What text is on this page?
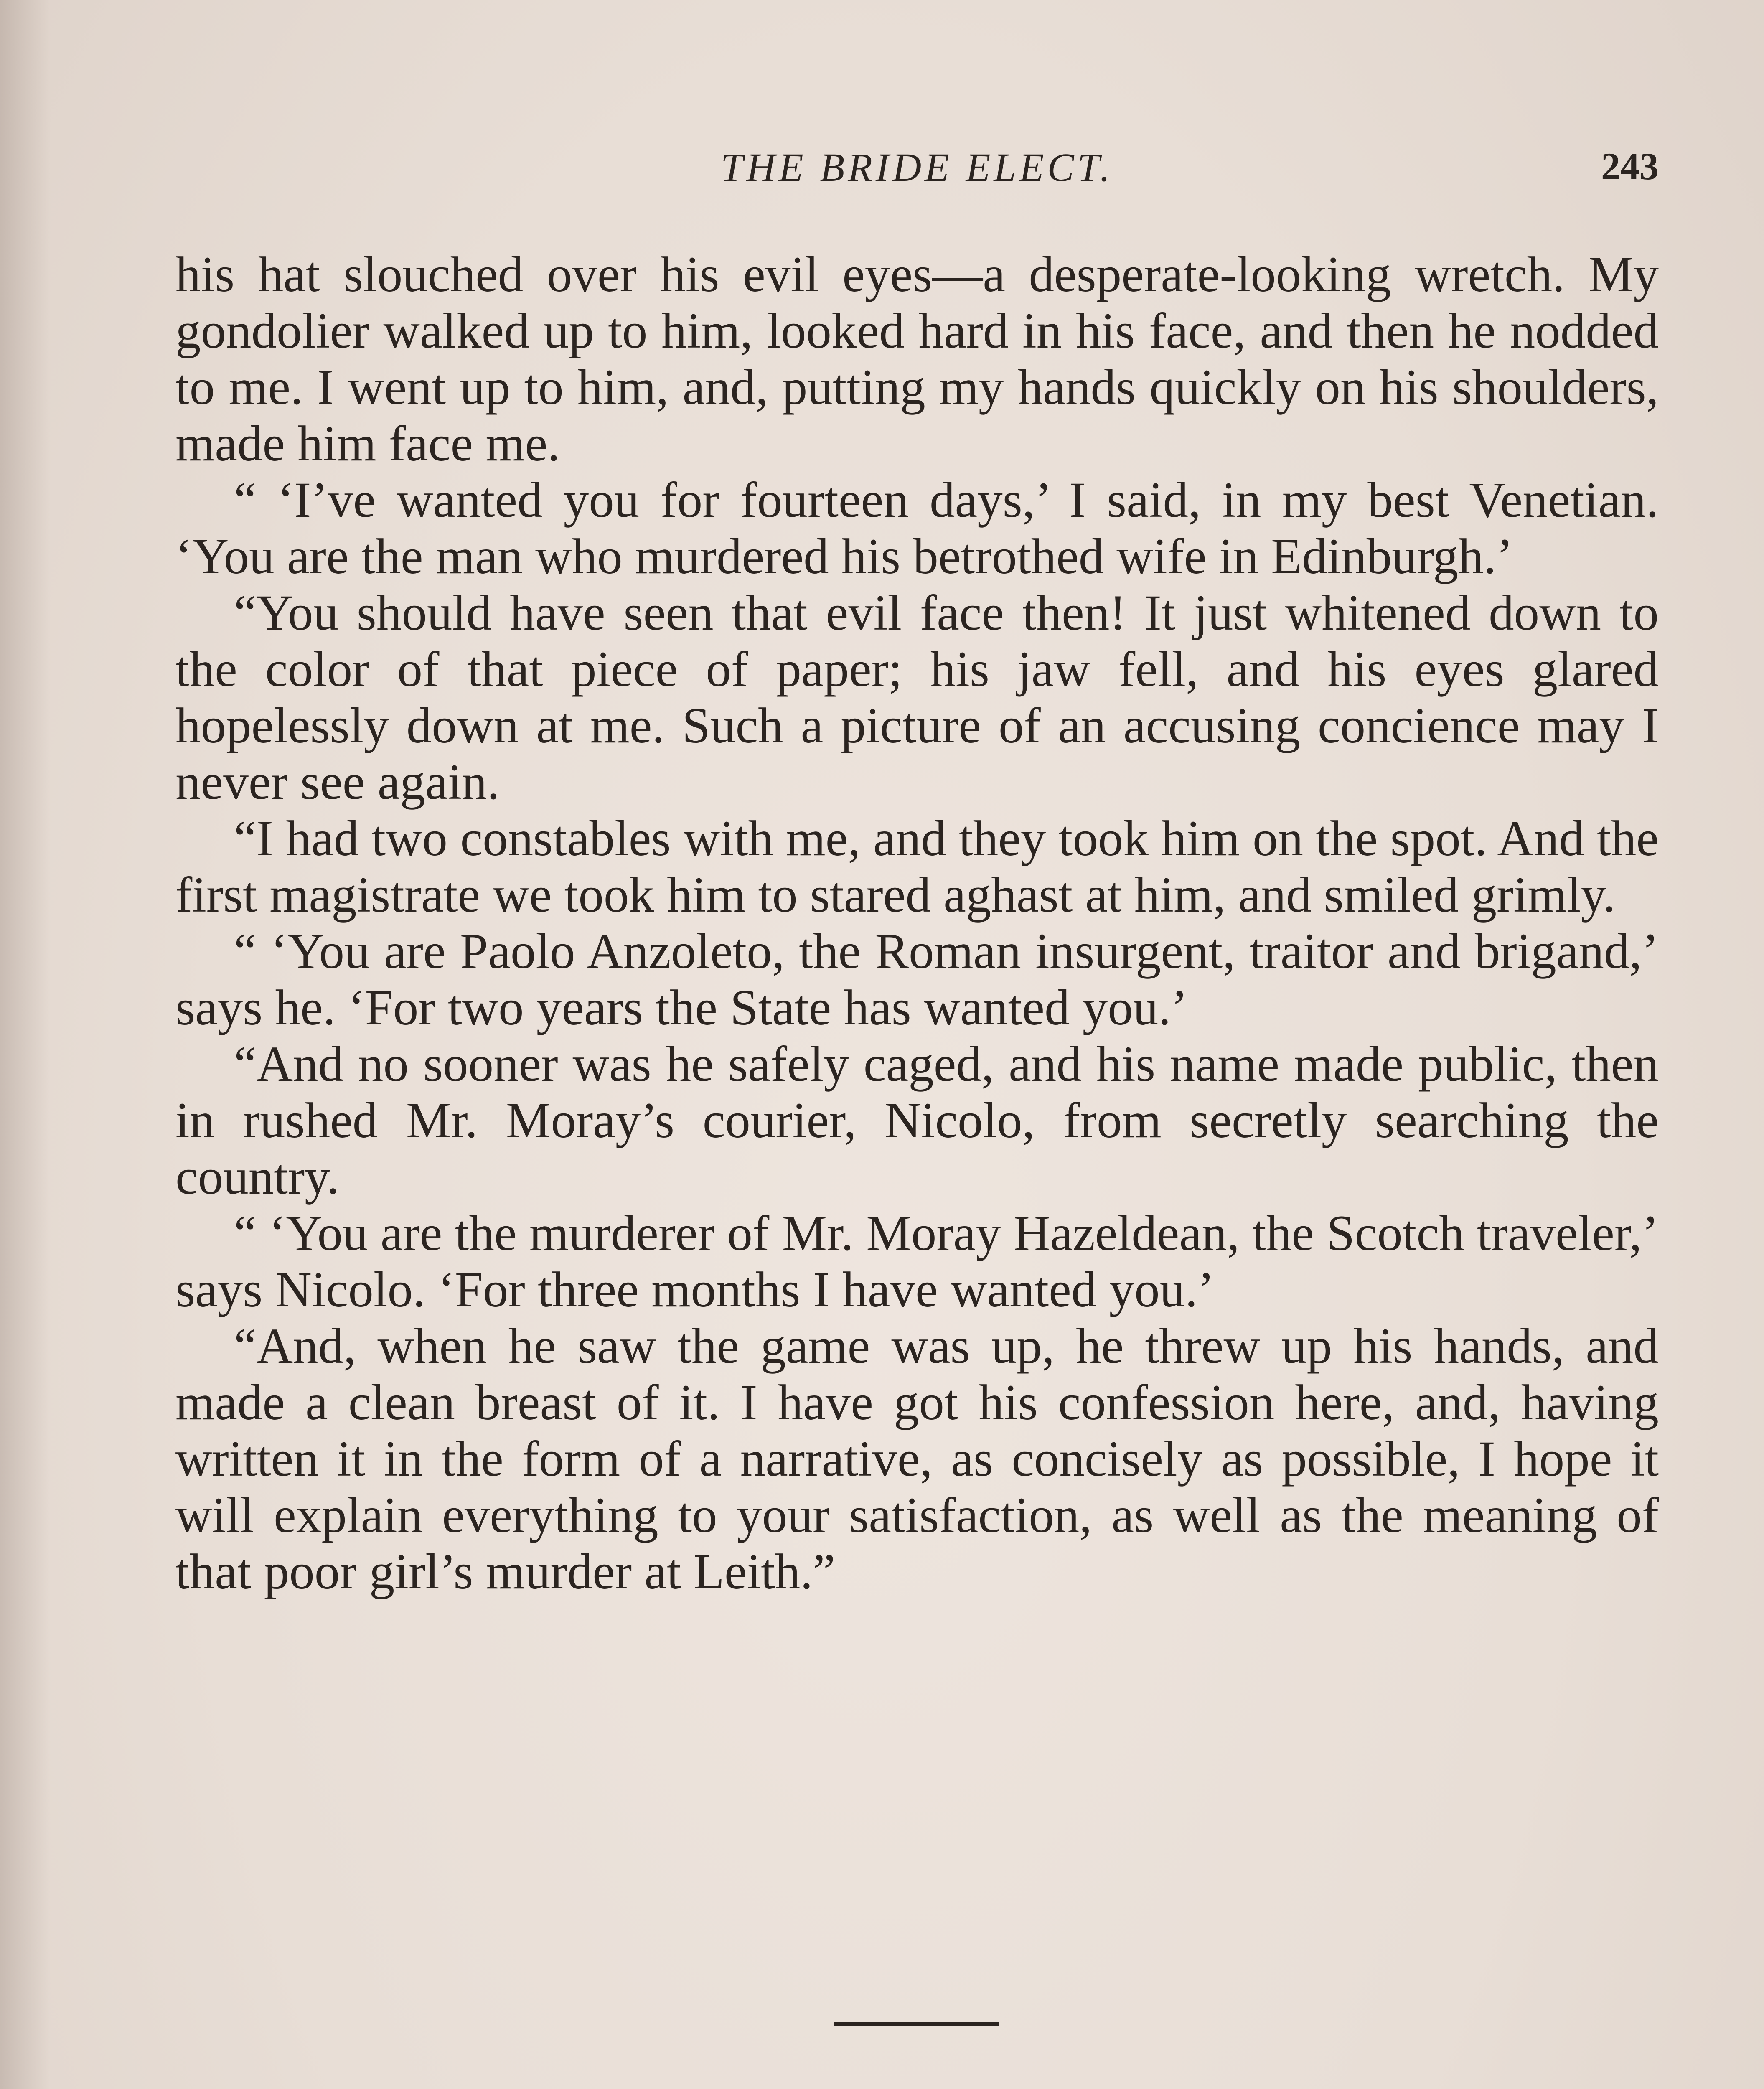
THE BRIDE ELECT.	243

his hat slouched over his evil eyes—a desperate-looking wretch. My gondolier walked up to him, looked hard in his face, and then he nodded to me. I went up to him, and, putting my hands quickly on his shoulders, made him face me.

“ ‘I’ve wanted you for fourteen days,’ I said, in my best Venetian. ‘You are the man who murdered his betrothed wife in Edinburgh.’

“You should have seen that evil face then! It just whitened down to the color of that piece of paper; his jaw fell, and his eyes glared hopelessly down at me. Such a picture of an accusing concience may I never see again.

“I had two constables with me, and they took him on the spot. And the first magistrate we took him to stared aghast at him, and smiled grimly.

“ ‘You are Paolo Anzoleto, the Roman insurgent, traitor and brigand,’ says he. ‘For two years the State has wanted you.’

“And no sooner was he safely caged, and his name made public, then in rushed Mr. Moray’s courier, Nicolo, from secretly searching the country.

“ ‘You are the murderer of Mr. Moray Hazeldean, the Scotch traveler,’ says Nicolo. ‘For three months I have wanted you.’

“And, when he saw the game was up, he threw up his hands, and made a clean breast of it. I have got his confession here, and, having written it in the form of a narrative, as concisely as possible, I hope it will explain everything to your satisfaction, as well as the meaning of that poor girl’s murder at Leith.”
